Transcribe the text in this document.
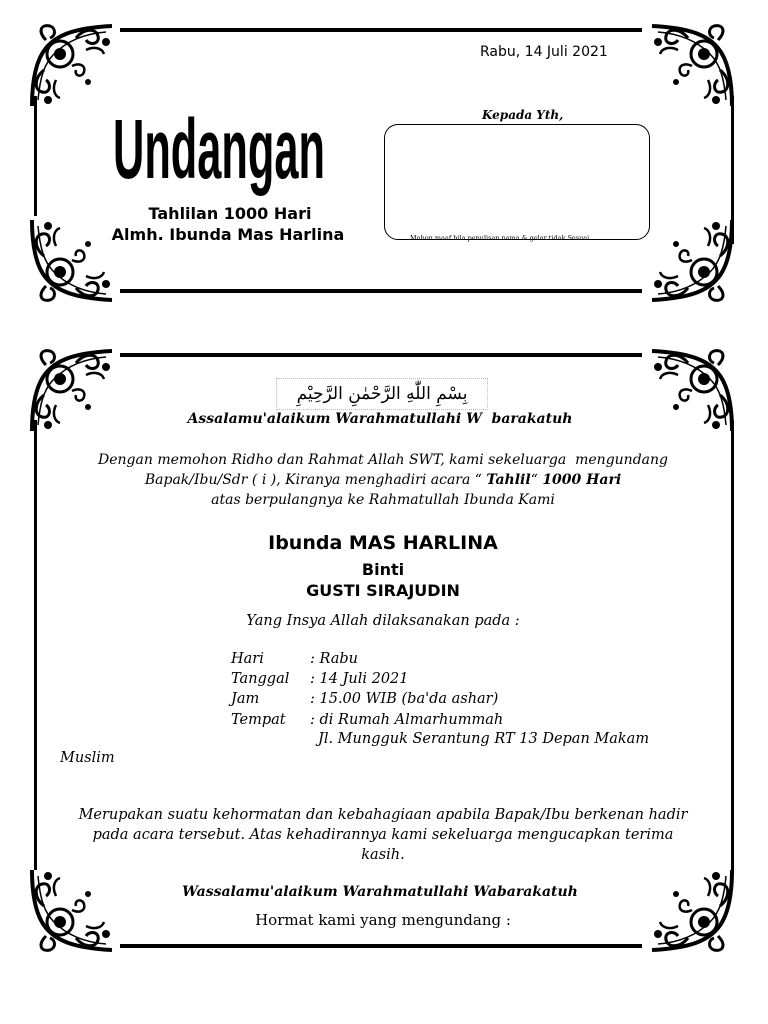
Rabu, 14 Juli 2021
Undangan
Tahlilan 1000 Hari
Almh. Ibunda Mas Harlina
Kepada Yth,
Mohon maaf bila penulisan nama & gelar tidak Sesuai
بِسْمِ اللّٰهِ الرَّحْمٰنِ الرَّحِيْمِ
Assalamu'alaikum Warahmatullahi W  barakatuh
Dengan memohon Ridho dan Rahmat Allah SWT, kami sekeluarga  mengundang
Bapak/Ibu/Sdr ( i ), Kiranya menghadiri acara “ Tahlil“ 1000 Hari
atas berpulangnya ke Rahmatullah Ibunda Kami
Ibunda MAS HARLINA
Binti
GUSTI SIRAJUDIN
Yang Insya Allah dilaksanakan pada :
Hari	: Rabu
Tanggal	: 14 Juli 2021
Jam	: 15.00 WIB (ba'da ashar)
Tempat	: di Rumah Almarhummah
Jl. Mungguk Serantung RT 13 Depan Makam
Muslim
Merupakan suatu kehormatan dan kebahagiaan apabila Bapak/Ibu berkenan hadir
pada acara tersebut. Atas kehadirannya kami sekeluarga mengucapkan terima
kasih.
Wassalamu'alaikum Warahmatullahi Wabarakatuh
Hormat kami yang mengundang :
